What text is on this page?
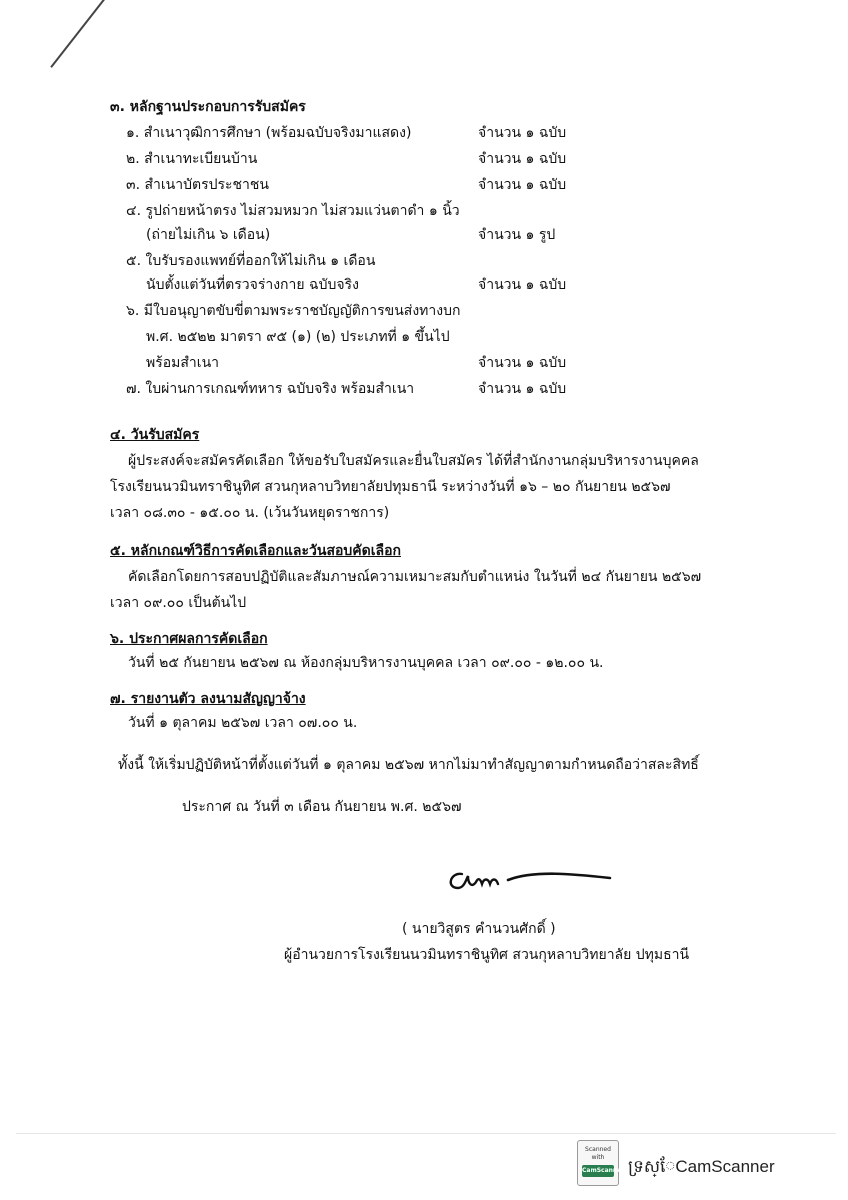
๓. หลักฐานประกอบการรับสมัคร
๑. สำเนาวุฒิการศึกษา (พร้อมฉบับจริงมาแสดง)	จำนวน ๑ ฉบับ
๒. สำเนาทะเบียนบ้าน	จำนวน ๑ ฉบับ
๓. สำเนาบัตรประชาชน	จำนวน ๑ ฉบับ
๔. รูปถ่ายหน้าตรง ไม่สวมหมวก ไม่สวมแว่นตาดำ ๑ นิ้ว
(ถ่ายไม่เกิน ๖ เดือน)	จำนวน ๑ รูป
๕. ใบรับรองแพทย์ที่ออกให้ไม่เกิน ๑ เดือน
นับตั้งแต่วันที่ตรวจร่างกาย ฉบับจริง	จำนวน ๑ ฉบับ
๖. มีใบอนุญาตขับขี่ตามพระราชบัญญัติการขนส่งทางบก
พ.ศ. ๒๕๒๒ มาตรา ๙๕ (๑) (๒) ประเภทที่ ๑ ขึ้นไป
พร้อมสำเนา	จำนวน ๑ ฉบับ
๗. ใบผ่านการเกณฑ์ทหาร ฉบับจริง พร้อมสำเนา	จำนวน ๑ ฉบับ
๔. วันรับสมัคร
ผู้ประสงค์จะสมัครคัดเลือก ให้ขอรับใบสมัครและยื่นใบสมัคร ได้ที่สำนักงานกลุ่มบริหารงานบุคคล
โรงเรียนนวมินทราชินูทิศ สวนกุหลาบวิทยาลัยปทุมธานี ระหว่างวันที่ ๑๖ – ๒๐ กันยายน ๒๕๖๗
เวลา ๐๘.๓๐ - ๑๕.๐๐ น. (เว้นวันหยุดราชการ)
๕. หลักเกณฑ์วิธีการคัดเลือกและวันสอบคัดเลือก
คัดเลือกโดยการสอบปฏิบัติและสัมภาษณ์ความเหมาะสมกับตำแหน่ง ในวันที่ ๒๔ กันยายน ๒๕๖๗
เวลา ๐๙.๐๐ เป็นต้นไป
๖. ประกาศผลการคัดเลือก
วันที่ ๒๕ กันยายน ๒๕๖๗ ณ ห้องกลุ่มบริหารงานบุคคล เวลา ๐๙.๐๐ - ๑๒.๐๐ น.
๗. รายงานตัว ลงนามสัญญาจ้าง
วันที่ ๑ ตุลาคม ๒๕๖๗ เวลา ๐๗.๐๐ น.
ทั้งนี้ ให้เริ่มปฏิบัติหน้าที่ตั้งแต่วันที่ ๑ ตุลาคม ๒๕๖๗ หากไม่มาทำสัญญาตามกำหนดถือว่าสละสิทธิ์
ประกาศ ณ วันที่ ๓ เดือน กันยายน พ.ศ. ๒๕๖๗
( นายวิสูตร คำนวนศักดิ์ )
ผู้อำนวยการโรงเรียนนวมินทราชินูทิศ สวนกุหลาบวิทยาลัย ปทุมธานี
Scanned with
CamScanner ទ្រស្ែCamScanner
